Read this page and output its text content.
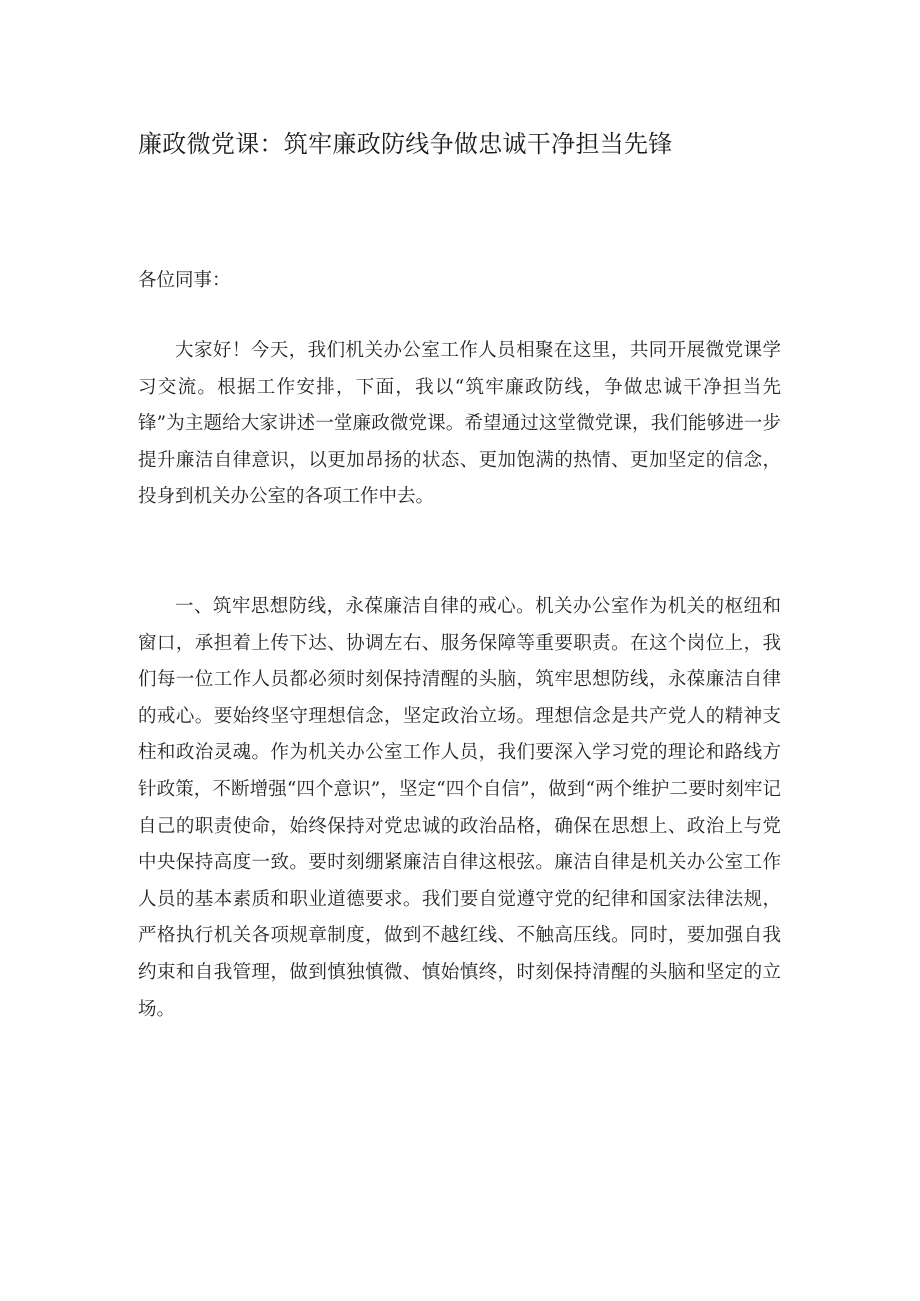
廉政微党课：筑牢廉政防线争做忠诚干净担当先锋

各位同事：

大家好！今天，我们机关办公室工作人员相聚在这里，共同开展微党课学习交流。根据工作安排，下面，我以“筑牢廉政防线，争做忠诚干净担当先锋”为主题给大家讲述一堂廉政微党课。希望通过这堂微党课，我们能够进一步提升廉洁自律意识，以更加昂扬的状态、更加饱满的热情、更加坚定的信念，投身到机关办公室的各项工作中去。

一、筑牢思想防线，永葆廉洁自律的戒心。机关办公室作为机关的枢纽和窗口，承担着上传下达、协调左右、服务保障等重要职责。在这个岗位上，我们每一位工作人员都必须时刻保持清醒的头脑，筑牢思想防线，永葆廉洁自律的戒心。要始终坚守理想信念，坚定政治立场。理想信念是共产党人的精神支柱和政治灵魂。作为机关办公室工作人员，我们要深入学习党的理论和路线方针政策，不断增强“四个意识”，坚定“四个自信”，做到“两个维护二要时刻牢记自己的职责使命，始终保持对党忠诚的政治品格，确保在思想上、政治上与党中央保持高度一致。要时刻绷紧廉洁自律这根弦。廉洁自律是机关办公室工作人员的基本素质和职业道德要求。我们要自觉遵守党的纪律和国家法律法规，严格执行机关各项规章制度，做到不越红线、不触高压线。同时，要加强自我约束和自我管理，做到慎独慎微、慎始慎终，时刻保持清醒的头脑和坚定的立场。
